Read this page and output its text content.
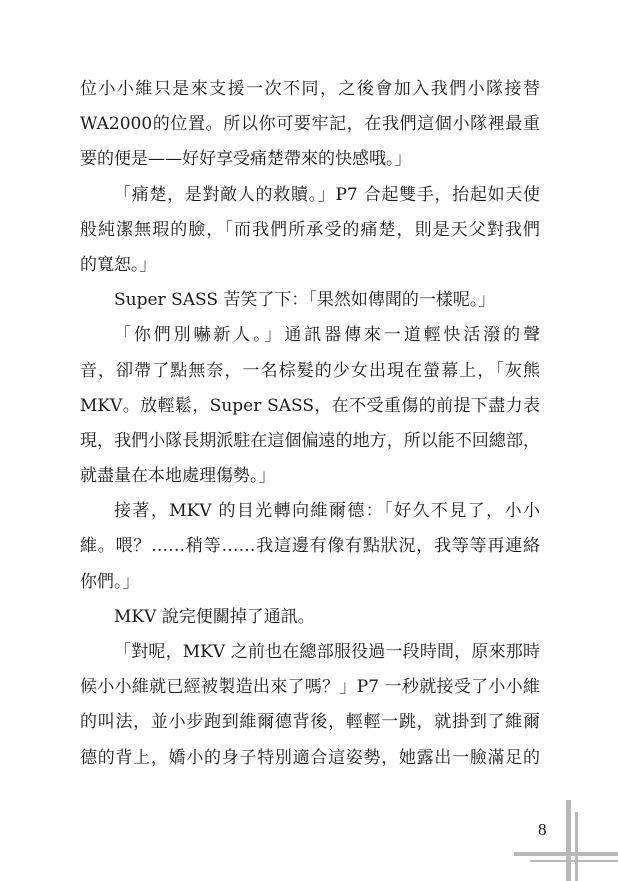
位小小維只是來支援一次不同，之後會加入我們小隊接替
WA2000的位置。所以你可要牢記，在我們這個小隊裡最重
要的便是——好好享受痛楚帶來的快感哦。」
「痛楚，是對敵人的救贖。」P7 合起雙手，抬起如天使
般純潔無瑕的臉，「而我們所承受的痛楚，則是天父對我們
的寬恕。」
Super SASS 苦笑了下：「果然如傳聞的一樣呢。」
「你們別嚇新人。」通訊器傳來一道輕快活潑的聲
音，卻帶了點無奈，一名棕髮的少女出現在螢幕上，「灰熊
MKV。放輕鬆，Super SASS，在不受重傷的前提下盡力表
現，我們小隊長期派駐在這個偏遠的地方，所以能不回總部，
就盡量在本地處理傷勢。」
接著，MKV 的目光轉向維爾德：「好久不見了，小小
維。喂？……稍等……我這邊有像有點狀況，我等等再連絡
你們。」
MKV 說完便關掉了通訊。
「對呢，MKV 之前也在總部服役過一段時間，原來那時
候小小維就已經被製造出來了嗎？」P7 一秒就接受了小小維
的叫法，並小步跑到維爾德背後，輕輕一跳，就掛到了維爾
德的背上，嬌小的身子特別適合這姿勢，她露出一臉滿足的
8
